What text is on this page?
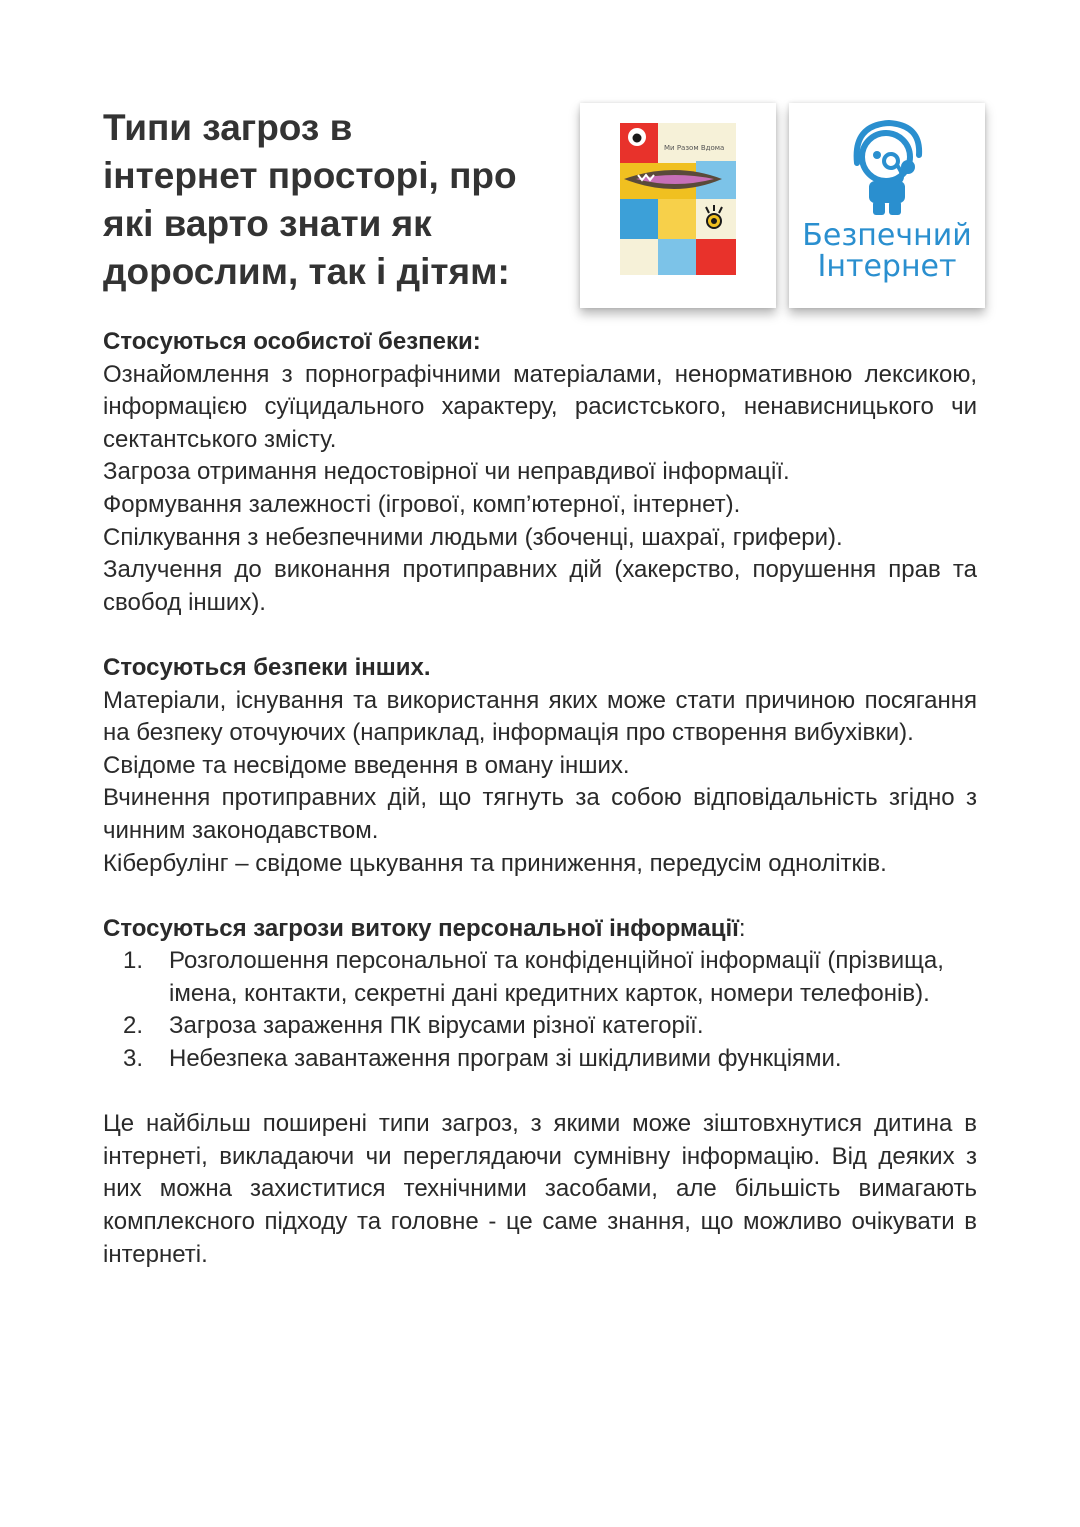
Типи загроз в
інтернет просторі, про
які варто знати як
дорослим, так і дітям:
Ми Разом Вдома
Безпечний
Інтернет
Стосуються особистої безпеки:

Ознайомлення з порнографічними матеріалами, ненормативною лексикою, інформацією суїцидального характеру, расистського, ненависницького чи сектантського змісту.

Загроза отримання недостовірної чи неправдивої інформації.

Формування залежності (ігрової, комп’ютерної, інтернет).

Спілкування з небезпечними людьми (збоченці, шахраї, грифери).

Залучення до виконання протиправних дій (хакерство, порушення прав та свобод інших).

Стосуються безпеки інших.

Матеріали, існування та використання яких може стати причиною посягання на безпеку оточуючих (наприклад, інформація про створення вибухівки).

Свідоме та несвідоме введення в оману інших.

Вчинення протиправних дій, що тягнуть за собою відповідальність згідно з чинним законодавством.

Кібербулінг – свідоме цькування та приниження, передусім однолітків.

Стосуються загрози витоку персональної інформації:
1. Розголошення персональної та конфіденційної інформації (прізвища, імена, контакти, секретні дані кредитних карток, номери телефонів).
2. Загроза зараження ПК вірусами різної категорії.
3. Небезпека завантаження програм зі шкідливими функціями.

Це найбільш поширені типи загроз, з якими може зіштовхнутися дитина в інтернеті, викладаючи чи переглядаючи сумнівну інформацію. Від деяких з них можна захиститися технічними засобами, але більшість вимагають комплексного підходу та головне - це саме знання, що можливо очікувати в інтернеті.
